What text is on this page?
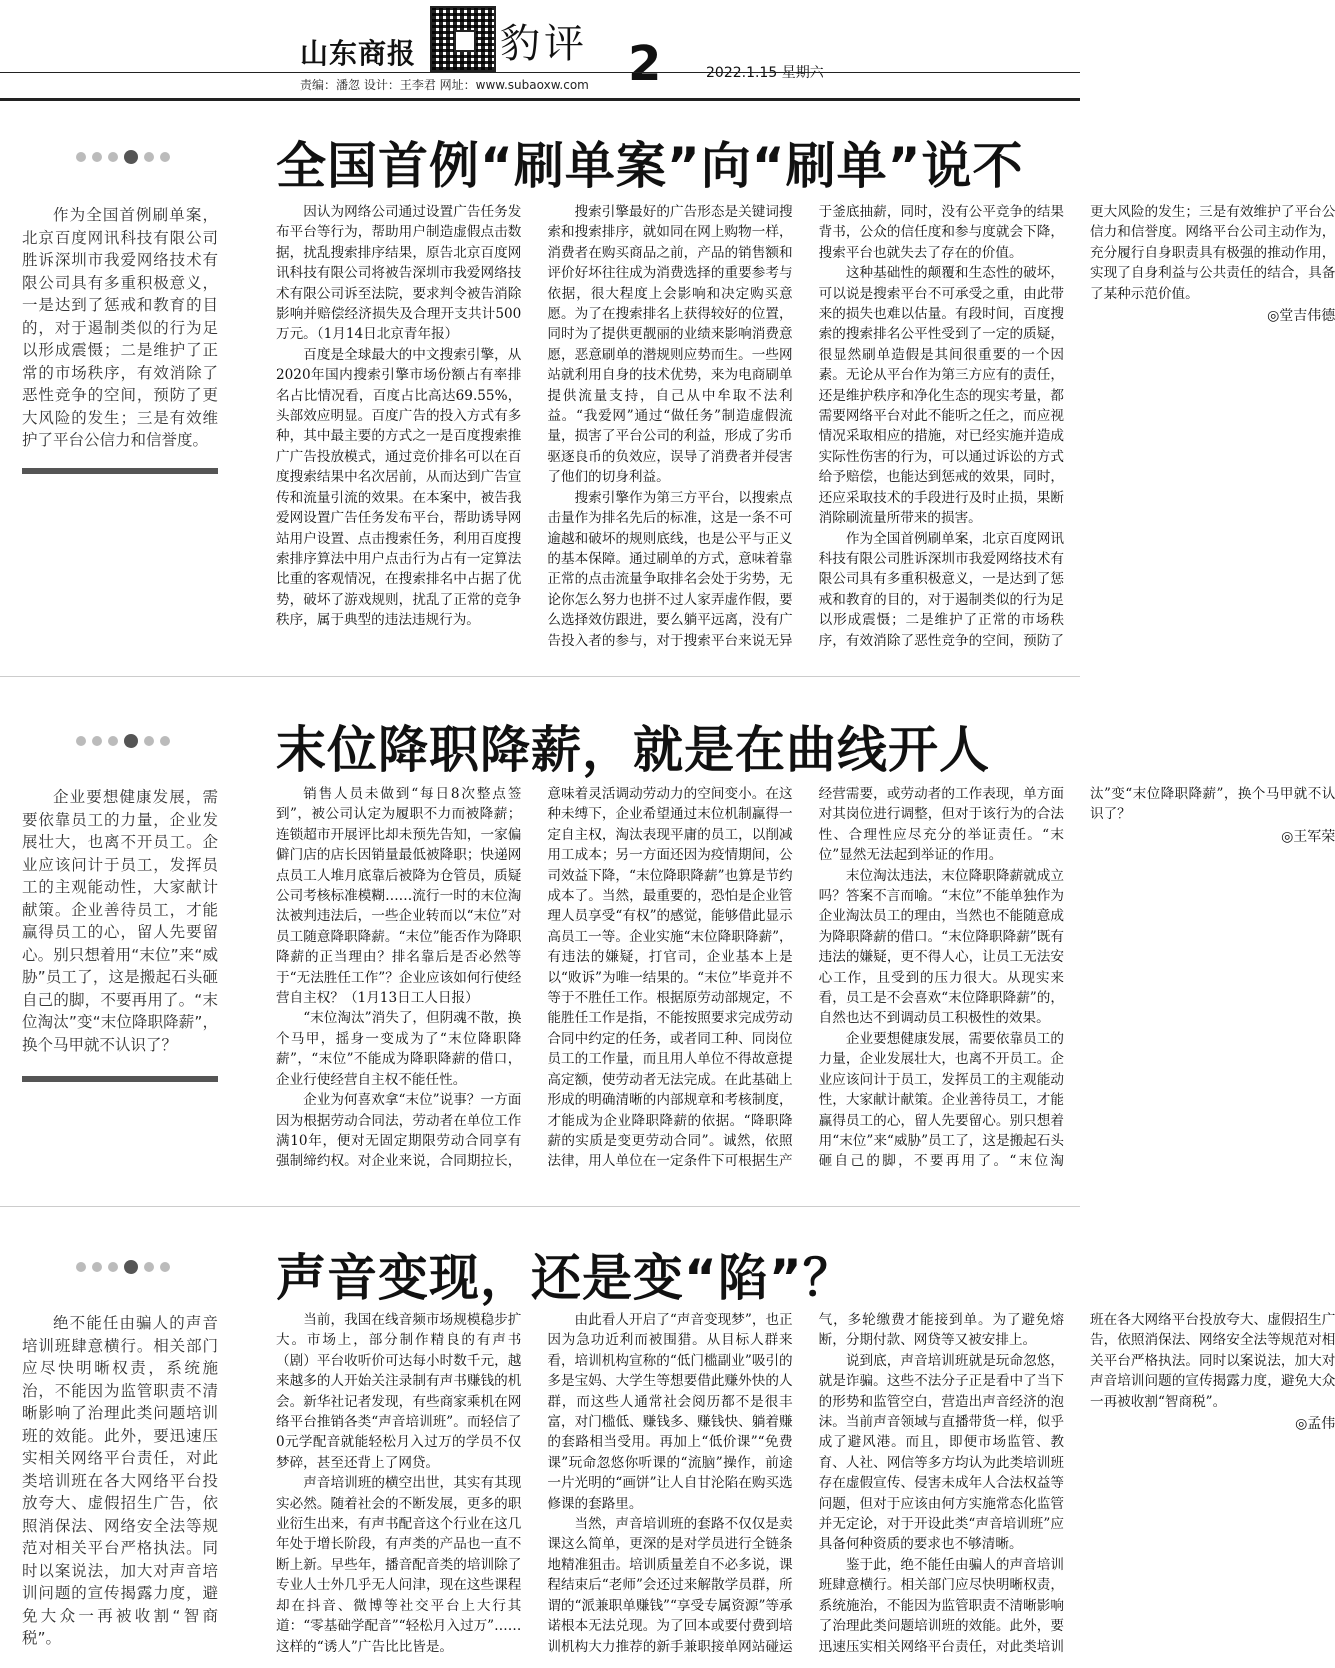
山东商报 豹评 2	2022.1.15 星期六
责编：潘忽 设计：王李君 网址：www.subaoxw.com
作为全国首例刷单案，北京百度网讯科技有限公司胜诉深圳市我爱网络技术有限公司具有多重积极意义，一是达到了惩戒和教育的目的，对于遏制类似的行为足以形成震慑；二是维护了正常的市场秩序，有效消除了恶性竞争的空间，预防了更大风险的发生；三是有效维护了平台公信力和信誉度。
全国首例“刷单案”向“刷单”说不

因认为网络公司通过设置广告任务发布平台等行为，帮助用户制造虚假点击数据，扰乱搜索排序结果，原告北京百度网讯科技有限公司将被告深圳市我爱网络技术有限公司诉至法院，要求判令被告消除影响并赔偿经济损失及合理开支共计500万元。（1月14日北京青年报）

百度是全球最大的中文搜索引擎，从2020年国内搜索引擎市场份额占有率排名占比情况看，百度占比高达69.55%，头部效应明显。百度广告的投入方式有多种，其中最主要的方式之一是百度搜索推广广告投放模式，通过竞价排名可以在百度搜索结果中名次居前，从而达到广告宣传和流量引流的效果。在本案中，被告我爱网设置广告任务发布平台，帮助诱导网站用户设置、点击搜索任务，利用百度搜索排序算法中用户点击行为占有一定算法比重的客观情况，在搜索排名中占据了优势，破坏了游戏规则，扰乱了正常的竞争秩序，属于典型的违法违规行为。

搜索引擎最好的广告形态是关键词搜索和搜索排序，就如同在网上购物一样，消费者在购买商品之前，产品的销售额和评价好坏往往成为消费选择的重要参考与依据，很大程度上会影响和决定购买意愿。为了在搜索排名上获得较好的位置，同时为了提供更靓丽的业绩来影响消费意愿，恶意刷单的潜规则应势而生。一些网站就利用自身的技术优势，来为电商刷单提供流量支持，自己从中牟取不法利益。“我爱网”通过“做任务”制造虚假流量，损害了平台公司的利益，形成了劣币驱逐良币的负效应，误导了消费者并侵害了他们的切身利益。

搜索引擎作为第三方平台，以搜索点击量作为排名先后的标准，这是一条不可逾越和破坏的规则底线，也是公平与正义的基本保障。通过刷单的方式，意味着靠正常的点击流量争取排名会处于劣势，无论你怎么努力也拼不过人家弄虚作假，要么选择效仿跟进，要么躺平远离，没有广告投入者的参与，对于搜索平台来说无异于釜底抽薪，同时，没有公平竞争的结果背书，公众的信任度和参与度就会下降，搜索平台也就失去了存在的价值。

这种基础性的颠覆和生态性的破坏，可以说是搜索平台不可承受之重，由此带来的损失也难以估量。有段时间，百度搜索的搜索排名公平性受到了一定的质疑，很显然刷单造假是其间很重要的一个因素。无论从平台作为第三方应有的责任，还是维护秩序和净化生态的现实考量，都需要网络平台对此不能听之任之，而应视情况采取相应的措施，对已经实施并造成实际性伤害的行为，可以通过诉讼的方式给予赔偿，也能达到惩戒的效果，同时，还应采取技术的手段进行及时止损，果断消除刷流量所带来的损害。

作为全国首例刷单案，北京百度网讯科技有限公司胜诉深圳市我爱网络技术有限公司具有多重积极意义，一是达到了惩戒和教育的目的，对于遏制类似的行为足以形成震慑；二是维护了正常的市场秩序，有效消除了恶性竞争的空间，预防了更大风险的发生；三是有效维护了平台公信力和信誉度。网络平台公司主动作为，充分履行自身职责具有极强的推动作用，实现了自身利益与公共责任的结合，具备了某种示范价值。

◎堂吉伟德
企业要想健康发展，需要依靠员工的力量，企业发展壮大，也离不开员工。企业应该问计于员工，发挥员工的主观能动性，大家献计献策。企业善待员工，才能赢得员工的心，留人先要留心。别只想着用“末位”来“威胁”员工了，这是搬起石头砸自己的脚，不要再用了。“末位淘汰”变“末位降职降薪”，换个马甲就不认识了？
末位降职降薪，就是在曲线开人

销售人员未做到“每日8次整点签到”，被公司认定为履职不力而被降薪；连锁超市开展评比却未预先告知，一家偏僻门店的店长因销量最低被降职；快递网点员工人堆月底靠后被降为仓管员，质疑公司考核标准模糊……流行一时的末位淘汰被判违法后，一些企业转而以“末位”对员工随意降职降薪。“末位”能否作为降职降薪的正当理由？排名靠后是否必然等于“无法胜任工作”？企业应该如何行使经营自主权？（1月13日工人日报）

“末位淘汰”消失了，但阴魂不散，换个马甲，摇身一变成为了“末位降职降薪”，“末位”不能成为降职降薪的借口，企业行使经营自主权不能任性。

企业为何喜欢拿“末位”说事？一方面因为根据劳动合同法，劳动者在单位工作满10年，便对无固定期限劳动合同享有强制缔约权。对企业来说，合同期拉长，意味着灵活调动劳动力的空间变小。在这种未缚下，企业希望通过末位机制赢得一定自主权，淘汰表现平庸的员工，以削减用工成本；另一方面还因为疫情期间，公司效益下降，“末位降职降薪”也算是节约成本了。当然，最重要的，恐怕是企业管理人员享受“有权”的感觉，能够借此显示高员工一等。企业实施“末位降职降薪”，有违法的嫌疑，打官司，企业基本上是以“败诉”为唯一结果的。“末位”毕竟并不等于不胜任工作。根据原劳动部规定，不能胜任工作是指，不能按照要求完成劳动合同中约定的任务，或者同工种、同岗位员工的工作量，而且用人单位不得故意提高定额，使劳动者无法完成。在此基础上形成的明确清晰的内部规章和考核制度，才能成为企业降职降薪的依据。“降职降薪的实质是变更劳动合同”。诚然，依照法律，用人单位在一定条件下可根据生产经营需要，或劳动者的工作表现，单方面对其岗位进行调整，但对于该行为的合法性、合理性应尽充分的举证责任。“末位”显然无法起到举证的作用。

末位淘汰违法，末位降职降薪就成立吗？答案不言而喻。“末位”不能单独作为企业淘汰员工的理由，当然也不能随意成为降职降薪的借口。“末位降职降薪”既有违法的嫌疑，更不得人心，让员工无法安心工作，且受到的压力很大。从现实来看，员工是不会喜欢“末位降职降薪”的，自然也达不到调动员工积极性的效果。

企业要想健康发展，需要依靠员工的力量，企业发展壮大，也离不开员工。企业应该问计于员工，发挥员工的主观能动性，大家献计献策。企业善待员工，才能赢得员工的心，留人先要留心。别只想着用“末位”来“威胁”员工了，这是搬起石头砸自己的脚，不要再用了。“末位淘汰”变“末位降职降薪”，换个马甲就不认识了？

◎王军荣
绝不能任由骗人的声音培训班肆意横行。相关部门应尽快明晰权责，系统施治，不能因为监管职责不清晰影响了治理此类问题培训班的效能。此外，要迅速压实相关网络平台责任，对此类培训班在各大网络平台投放夸大、虚假招生广告，依照消保法、网络安全法等规范对相关平台严格执法。同时以案说法，加大对声音培训问题的宣传揭露力度，避免大众一再被收割“智商税”。
声音变现，还是变“陷”？

当前，我国在线音频市场规模稳步扩大。市场上，部分制作精良的有声书（剧）平台收听价可达每小时数千元，越来越多的人开始关注录制有声书赚钱的机会。新华社记者发现，有些商家乘机在网络平台推销各类“声音培训班”。而轻信了0元学配音就能轻松月入过万的学员不仅梦碎，甚至还背上了网贷。

声音培训班的横空出世，其实有其现实必然。随着社会的不断发展，更多的职业衍生出来，有声书配音这个行业在这几年处于增长阶段，有声类的产品也一直不断上新。早些年，播音配音类的培训除了专业人士外几乎无人问津，现在这些课程却在抖音、微博等社交平台上大行其道：“零基础学配音”“轻松月入过万”……这样的“诱人”广告比比皆是。

由此看人开启了“声音变现梦”，也正因为急功近利而被围猎。从目标人群来看，培训机构宣称的“低门槛副业”吸引的多是宝妈、大学生等想要借此赚外快的人群，而这些人通常社会阅历都不是很丰富，对门槛低、赚钱多、赚钱快、躺着赚的套路相当受用。再加上“低价课”“免费课”玩命忽悠你听课的“流脑”操作，前途一片光明的“画饼”让人自甘沦陷在购买选修课的套路里。

当然，声音培训班的套路不仅仅是卖课这么简单，更深的是对学员进行全链条地精准狙击。培训质量差自不必多说，课程结束后“老师”会还过来解散学员群，所谓的“派兼职单赚钱”“享受专属资源”等承诺根本无法兑现。为了回本或要付费到培训机构大力推荐的新手兼职接单网站碰运气，多轮缴费才能接到单。为了避免熔断，分期付款、网贷等又被安排上。

说到底，声音培训班就是玩命忽悠，就是诈骗。这些不法分子正是看中了当下的形势和监管空白，营造出声音经济的泡沫。当前声音领域与直播带货一样，似乎成了避风港。而且，即便市场监管、教育、人社、网信等多方均认为此类培训班存在虚假宣传、侵害未成年人合法权益等问题，但对于应该由何方实施常态化监管并无定论，对于开设此类“声音培训班”应具备何种资质的要求也不够清晰。

鉴于此，绝不能任由骗人的声音培训班肆意横行。相关部门应尽快明晰权责，系统施治，不能因为监管职责不清晰影响了治理此类问题培训班的效能。此外，要迅速压实相关网络平台责任，对此类培训班在各大网络平台投放夸大、虚假招生广告，依照消保法、网络安全法等规范对相关平台严格执法。同时以案说法，加大对声音培训问题的宣传揭露力度，避免大众一再被收割“智商税”。

◎孟伟
